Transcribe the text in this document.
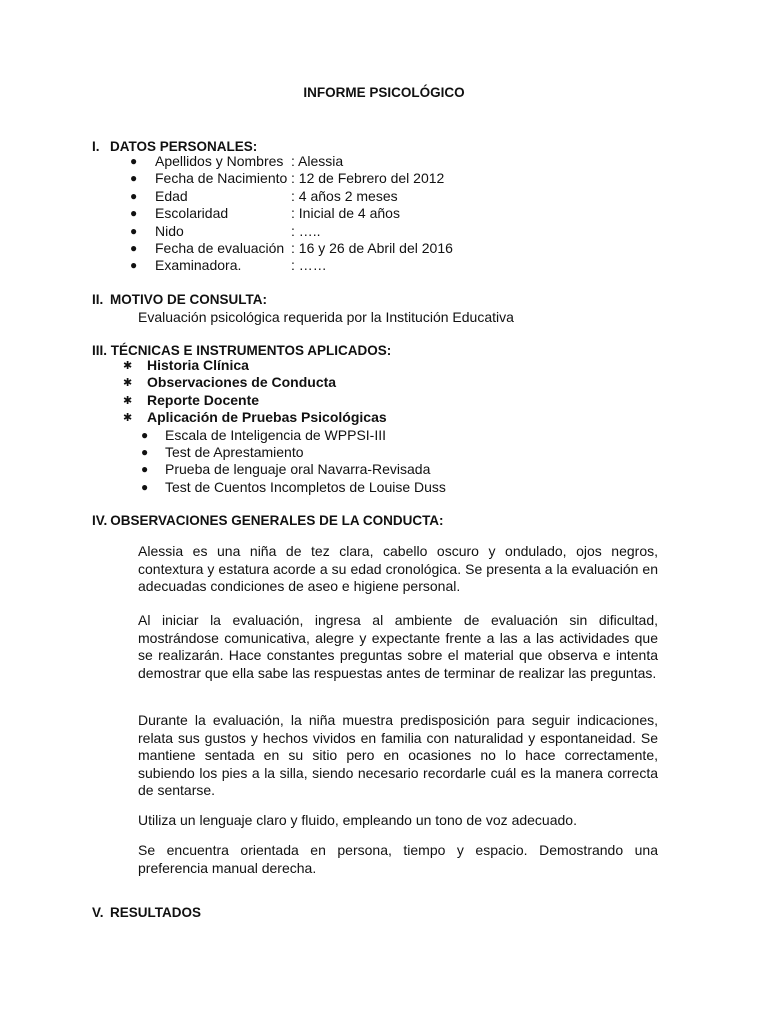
INFORME PSICOLÓGICO
I. DATOS PERSONALES:
● Apellidos y Nombres : Alessia
● Fecha de Nacimiento : 12 de Febrero del 2012
● Edad	: 4 años 2 meses
● Escolaridad	: Inicial de 4 años
● Nido	: …..
● Fecha de evaluación : 16 y 26 de Abril del 2016
● Examinadora.	: ……
II. MOTIVO DE CONSULTA:
Evaluación psicológica requerida por la Institución Educativa
III. TÉCNICAS E INSTRUMENTOS APLICADOS:
✱ Historia Clínica
✱ Observaciones de Conducta
✱ Reporte Docente
✱ Aplicación de Pruebas Psicológicas
● Escala de Inteligencia de WPPSI-III
● Test de Aprestamiento
● Prueba de lenguaje oral Navarra-Revisada
● Test de Cuentos Incompletos de Louise Duss
IV. OBSERVACIONES GENERALES DE LA CONDUCTA:

Alessia es una niña de tez clara, cabello oscuro y ondulado, ojos negros, contextura y estatura acorde a su edad cronológica. Se presenta a la evaluación en adecuadas condiciones de aseo e higiene personal.

Al iniciar la evaluación, ingresa al ambiente de evaluación sin dificultad, mostrándose comunicativa, alegre y expectante frente a las a las actividades que se realizarán. Hace constantes preguntas sobre el material que observa e intenta demostrar que ella sabe las respuestas antes de terminar de realizar las preguntas.

Durante la evaluación, la niña muestra predisposición para seguir indicaciones, relata sus gustos y hechos vividos en familia con naturalidad y espontaneidad. Se mantiene sentada en su sitio pero en ocasiones no lo hace correctamente, subiendo los pies a la silla, siendo necesario recordarle cuál es la manera correcta de sentarse.

Utiliza un lenguaje claro y fluido, empleando un tono de voz adecuado.

Se encuentra orientada en persona, tiempo y espacio. Demostrando una preferencia manual derecha.

V. RESULTADOS
